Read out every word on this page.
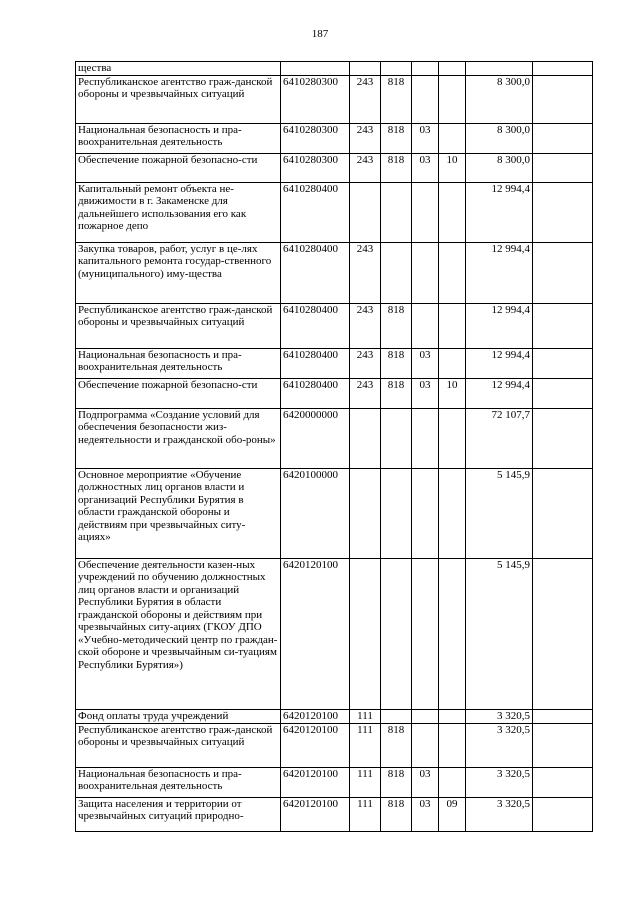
187
щества							
Республиканское агентство граж-данской обороны и чрезвычайных ситуаций	6410280300	243	818			8 300,0	
Национальная безопасность и пра-воохранительная деятельность	6410280300	243	818	03		8 300,0	
Обеспечение пожарной безопасно-сти	6410280300	243	818	03	10	8 300,0	
Капитальный ремонт объекта не-движимости в г. Закаменске для дальнейшего использования его как пожарное депо	6410280400					12 994,4	
Закупка товаров, работ, услуг в це-лях капитального ремонта государ-ственного (муниципального) иму-щества	6410280400	243				12 994,4	
Республиканское агентство граж-данской обороны и чрезвычайных ситуаций	6410280400	243	818			12 994,4	
Национальная безопасность и пра-воохранительная деятельность	6410280400	243	818	03		12 994,4	
Обеспечение пожарной безопасно-сти	6410280400	243	818	03	10	12 994,4	
Подпрограмма «Создание условий для обеспечения безопасности жиз-недеятельности и гражданской обо-роны»	6420000000					72 107,7	
Основное мероприятие «Обучение должностных лиц органов власти и организаций Республики Бурятия в области гражданской обороны и действиям при чрезвычайных ситу-ациях»	6420100000					5 145,9	
Обеспечение деятельности казен-ных учреждений по обучению должностных лиц органов власти и организаций Республики Бурятия в области гражданской обороны и действиям при чрезвычайных ситу-ациях (ГКОУ ДПО «Учебно-методический центр по граждан-ской обороне и чрезвычайным си-туациям Республики Бурятия»)	6420120100					5 145,9	
Фонд оплаты труда учреждений	6420120100	111				3 320,5	
Республиканское агентство граж-данской обороны и чрезвычайных ситуаций	6420120100	111	818			3 320,5	
Национальная безопасность и пра-воохранительная деятельность	6420120100	111	818	03		3 320,5	
Защита населения и территории от чрезвычайных ситуаций природно-	6420120100	111	818	03	09	3 320,5	
